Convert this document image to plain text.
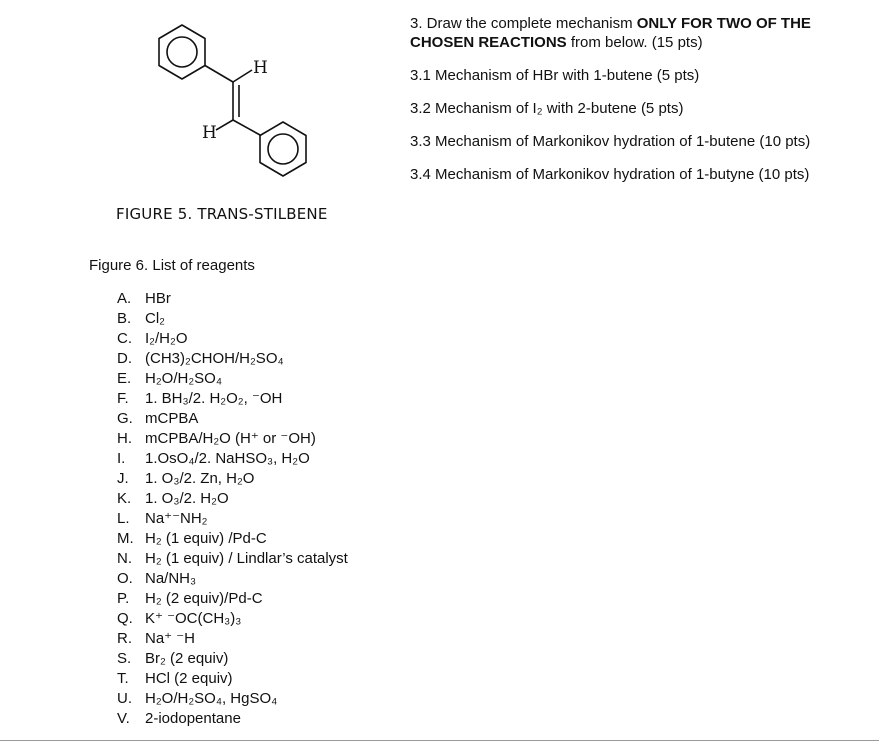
H
H
FIGURE 5. TRANS-STILBENE

3. Draw the complete mechanism ONLY FOR TWO OF THE CHOSEN REACTIONS from below. (15 pts)

3.1 Mechanism of HBr with 1-butene (5 pts)

3.2 Mechanism of I₂ with 2-butene (5 pts)

3.3 Mechanism of Markonikov hydration of 1-butene (10 pts)

3.4 Mechanism of Markonikov hydration of 1-butyne (10 pts)

Figure 6. List of reagents
A. HBr
B. Cl₂
C. I₂/H₂O
D. (CH3)₂CHOH/H₂SO₄
E. H₂O/H₂SO₄
F.	1. BH₃/2. H₂O₂, ⁻OH
G. mCPBA
H. mCPBA/H₂O (H⁺ or ⁻OH)
I.	1.OsO₄/2. NaHSO₃, H₂O
J.	1. O₃/2. Zn, H₂O
K. 1. O₃/2. H₂O
L.	Na⁺⁻NH₂
M. H₂ (1 equiv) /Pd-C
N. H₂ (1 equiv) / Lindlar’s catalyst
O. Na/NH₃
P.	H₂ (2 equiv)/Pd-C
Q. K⁺ ⁻OC(CH₃)₃
R. Na⁺ ⁻H
S. Br₂ (2 equiv)
T.	HCl (2 equiv)
U. H₂O/H₂SO₄, HgSO₄
V.	2-iodopentane
